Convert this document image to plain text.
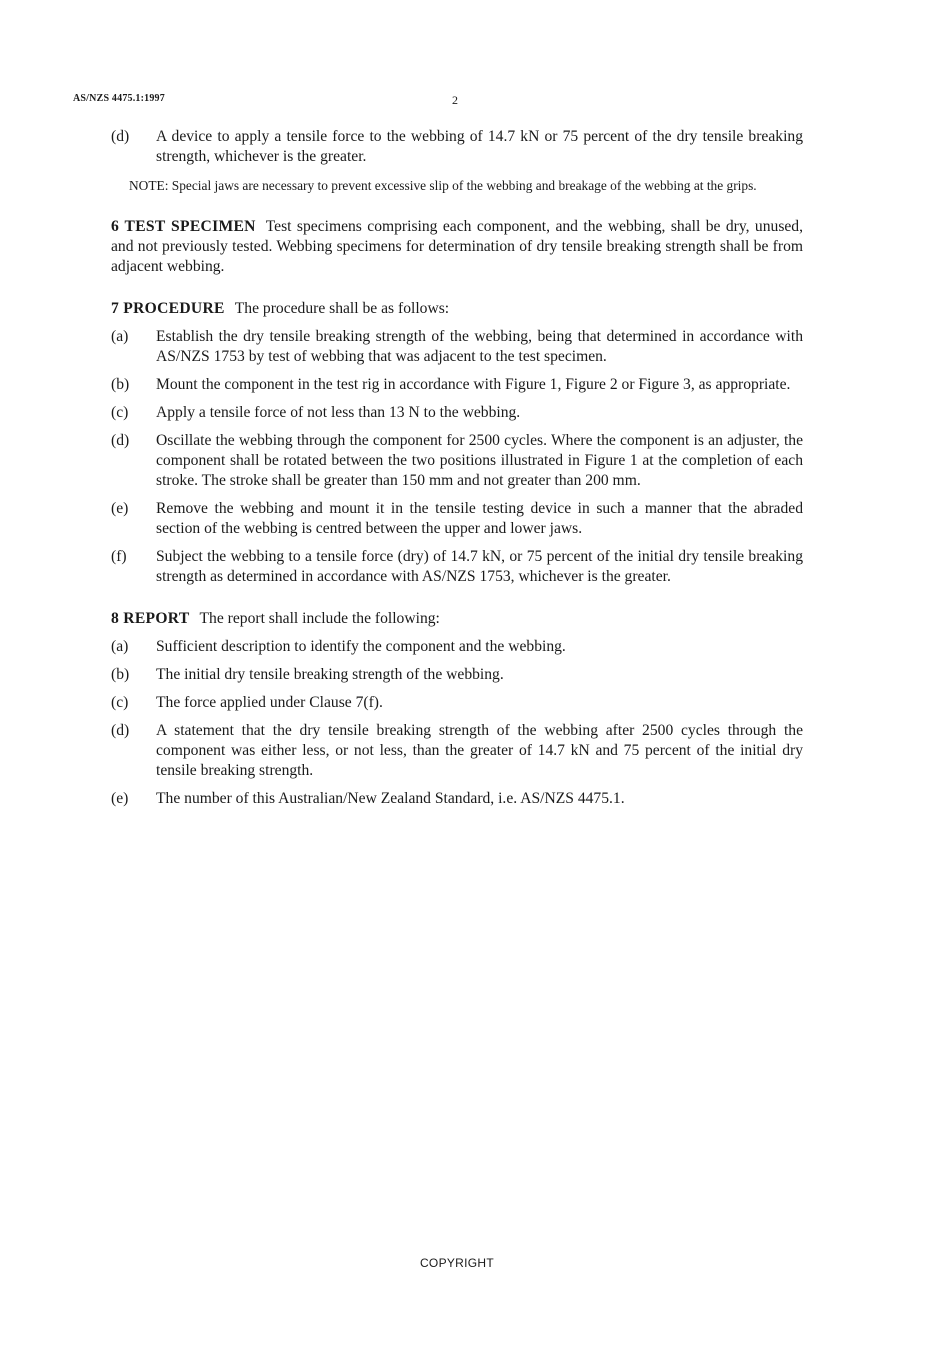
AS/NZS 4475.1:1997	2
(d)	A device to apply a tensile force to the webbing of 14.7 kN or 75 percent of the dry tensile breaking strength, whichever is the greater.
NOTE: Special jaws are necessary to prevent excessive slip of the webbing and breakage of the webbing at the grips.

6 TEST SPECIMEN Test specimens comprising each component, and the webbing, shall be dry, unused, and not previously tested. Webbing specimens for determination of dry tensile breaking strength shall be from adjacent webbing.

7 PROCEDURE The procedure shall be as follows:

(a)	Establish the dry tensile breaking strength of the webbing, being that determined in accordance with AS/NZS 1753 by test of webbing that was adjacent to the test specimen.
(b)	Mount the component in the test rig in accordance with Figure 1, Figure 2 or Figure 3, as appropriate.
(c)	Apply a tensile force of not less than 13 N to the webbing.
(d)	Oscillate the webbing through the component for 2500 cycles. Where the component is an adjuster, the component shall be rotated between the two positions illustrated in Figure 1 at the completion of each stroke. The stroke shall be greater than 150 mm and not greater than 200 mm.
(e)	Remove the webbing and mount it in the tensile testing device in such a manner that the abraded section of the webbing is centred between the upper and lower jaws.
(f)	Subject the webbing to a tensile force (dry) of 14.7 kN, or 75 percent of the initial dry tensile breaking strength as determined in accordance with AS/NZS 1753, whichever is the greater.

8 REPORT The report shall include the following:

(a)	Sufficient description to identify the component and the webbing.
(b)	The initial dry tensile breaking strength of the webbing.
(c)	The force applied under Clause 7(f).
(d)	A statement that the dry tensile breaking strength of the webbing after 2500 cycles through the component was either less, or not less, than the greater of 14.7 kN and 75 percent of the initial dry tensile breaking strength.
(e)	The number of this Australian/New Zealand Standard, i.e. AS/NZS 4475.1.
COPYRIGHT
